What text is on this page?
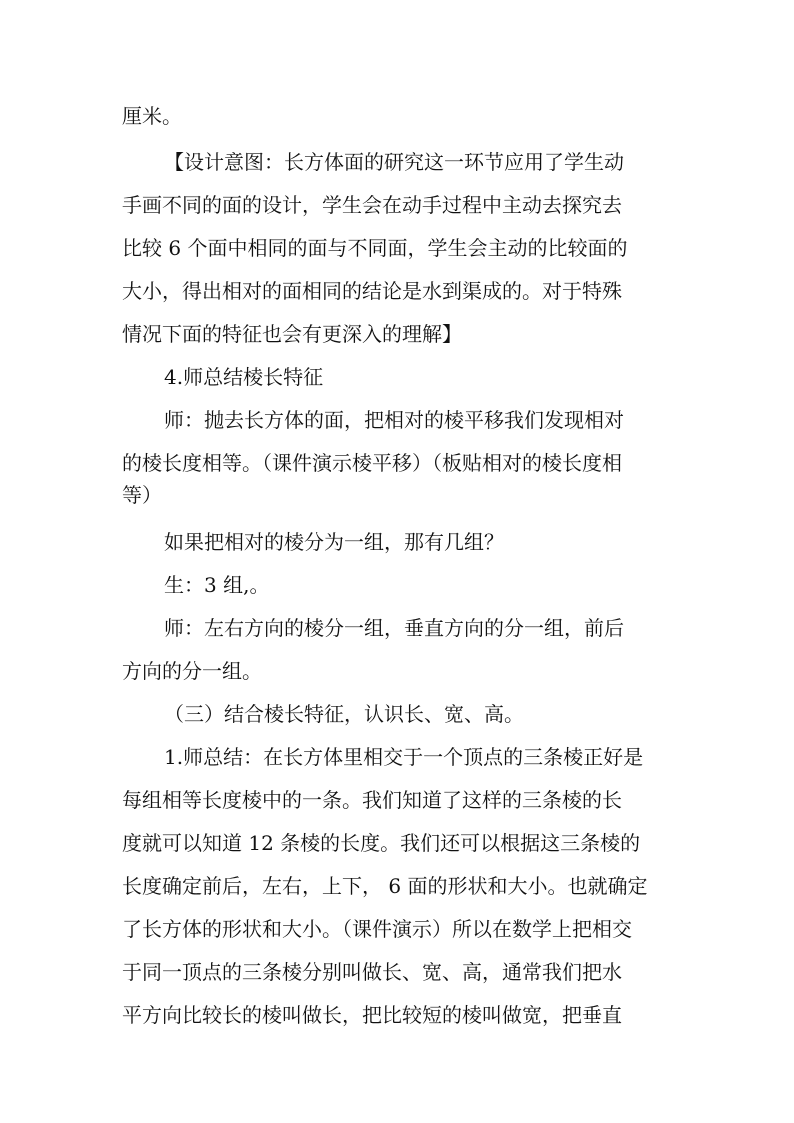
厘米。
【设计意图：长方体面的研究这一环节应用了学生动
手画不同的面的设计，学生会在动手过程中主动去探究去
比较 6 个面中相同的面与不同面，学生会主动的比较面的
大小，得出相对的面相同的结论是水到渠成的。对于特殊
情况下面的特征也会有更深入的理解】
4.师总结棱长特征
师：抛去长方体的面，把相对的棱平移我们发现相对
的棱长度相等。（课件演示棱平移）（板贴相对的棱长度相
等）
如果把相对的棱分为一组，那有几组？
生：3 组,。
师：左右方向的棱分一组，垂直方向的分一组，前后
方向的分一组。
（三）结合棱长特征，认识长、宽、高。
1.师总结：在长方体里相交于一个顶点的三条棱正好是
每组相等长度棱中的一条。我们知道了这样的三条棱的长
度就可以知道 12 条棱的长度。我们还可以根据这三条棱的
长度确定前后，左右，上下， 6 面的形状和大小。也就确定
了长方体的形状和大小。（课件演示）所以在数学上把相交
于同一顶点的三条棱分别叫做长、宽、高，通常我们把水
平方向比较长的棱叫做长，把比较短的棱叫做宽，把垂直
